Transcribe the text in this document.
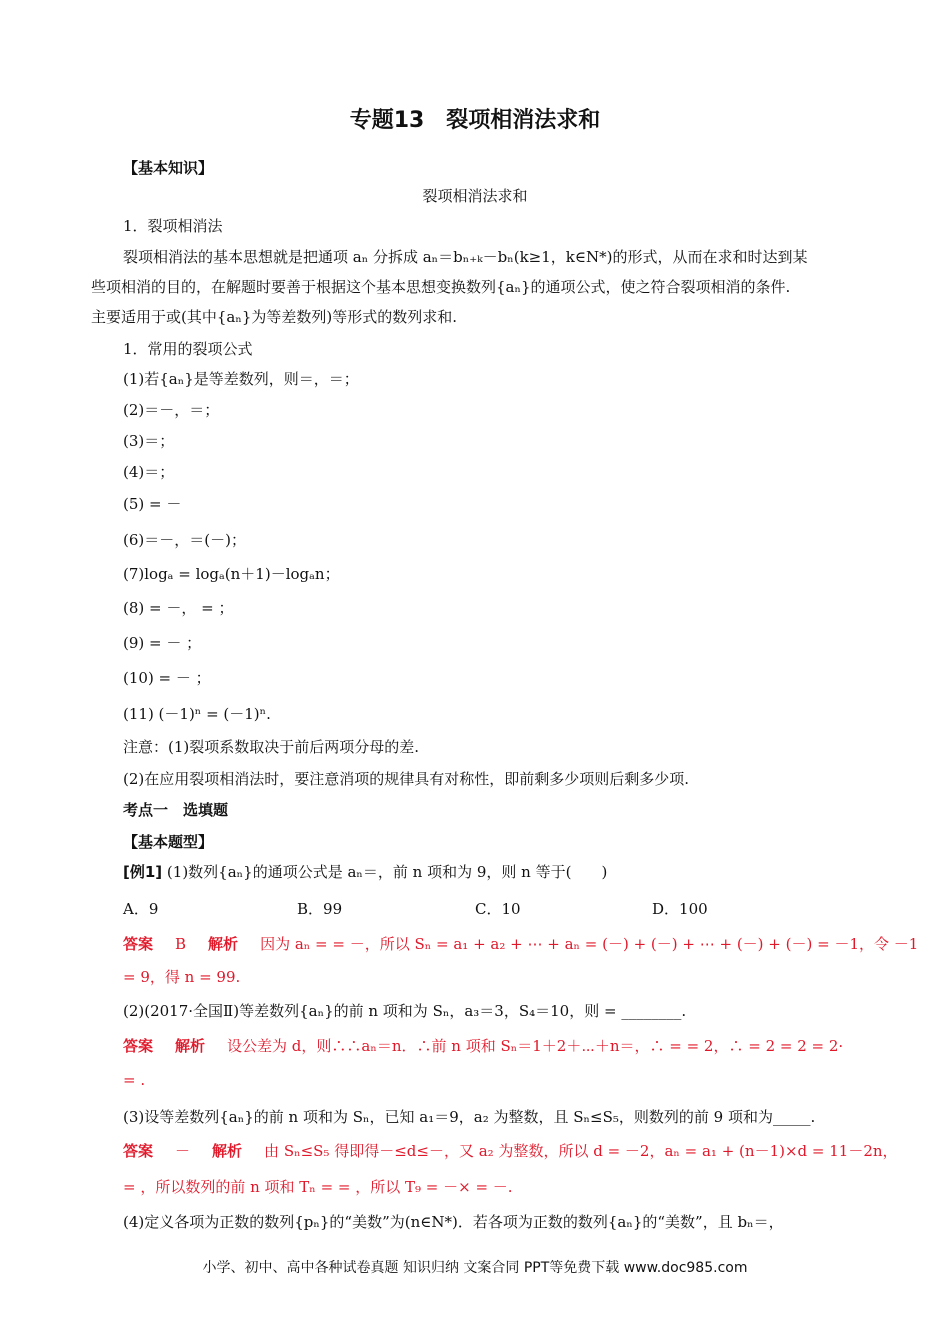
专题13　裂项相消法求和
【基本知识】
裂项相消法求和
1．裂项相消法
裂项相消法的基本思想就是把通项 aₙ 分拆成 aₙ＝bₙ₊ₖ－bₙ(k≥1，k∈N*)的形式，从而在求和时达到某
些项相消的目的，在解题时要善于根据这个基本思想变换数列{aₙ}的通项公式，使之符合裂项相消的条件.
主要适用于或(其中{aₙ}为等差数列)等形式的数列求和.
1．常用的裂项公式
(1)若{aₙ}是等差数列，则＝，＝；
(2)＝－，＝；
(3)＝；
(4)＝；
(5) = －
(6)＝－，＝(－)；
(7)logₐ = logₐ(n＋1)－logₐn；
(8) = －， = ；
(9) = － ；
(10) = － ；
(11) (－1)ⁿ = (－1)ⁿ.
注意：(1)裂项系数取决于前后两项分母的差.
(2)在应用裂项相消法时，要注意消项的规律具有对称性，即前剩多少项则后剩多少项.
考点一　选填题
【基本题型】
[例1] (1)数列{aₙ}的通项公式是 aₙ＝，前 n 项和为 9，则 n 等于(　　)
A．9	B．99	C．10	D．100
答案 B 解析 因为 aₙ = = －，所以 Sₙ = a₁ + a₂ + ⋯ + aₙ = (－) + (－) + ⋯ + (－) + (－) = －1，令 －1
= 9，得 n = 99.
(2)(2017·全国Ⅱ)等差数列{aₙ}的前 n 项和为 Sₙ，a₃＝3，S₄＝10，则 = ________.
答案 解析 设公差为 d，则∴∴aₙ＝n．∴前 n 项和 Sₙ＝1＋2＋⋯＋n＝，∴ = = 2，∴ = 2 = 2 = 2·
= .
(3)设等差数列{aₙ}的前 n 项和为 Sₙ，已知 a₁＝9，a₂ 为整数，且 Sₙ≤S₅，则数列的前 9 项和为_____.
答案 － 解析 由 Sₙ≤S₅ 得即得－≤d≤－，又 a₂ 为整数，所以 d = －2，aₙ = a₁ + (n－1)×d = 11－2n，
= ，所以数列的前 n 项和 Tₙ = = ，所以 T₉ = －× = －.
(4)定义各项为正数的数列{pₙ}的“美数”为(n∈N*)．若各项为正数的数列{aₙ}的“美数”，且 bₙ＝，
小学、初中、高中各种试卷真题 知识归纳 文案合同 PPT等免费下载 www.doc985.com
